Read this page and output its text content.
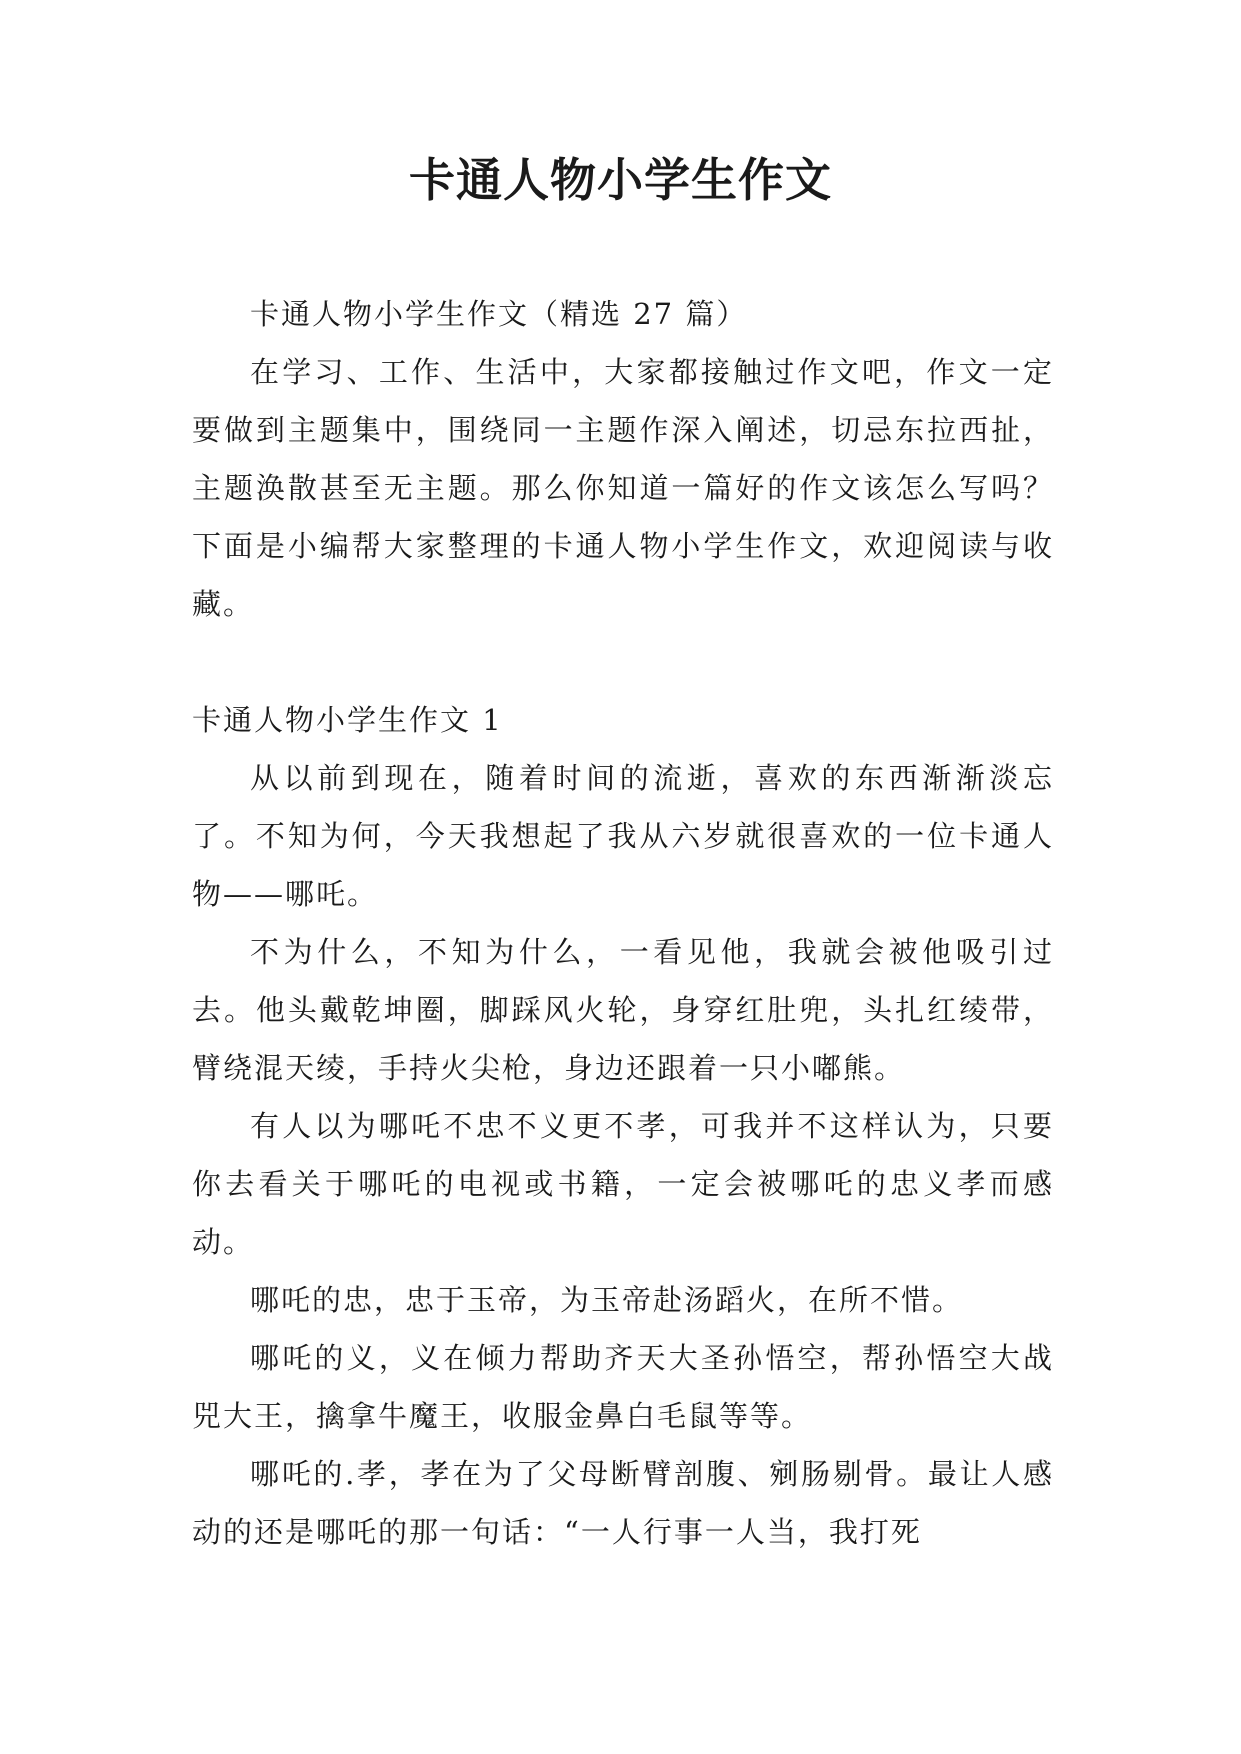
卡通人物小学生作文

卡通人物小学生作文（精选 27 篇）

在学习、工作、生活中，大家都接触过作文吧，作文一定要做到主题集中，围绕同一主题作深入阐述，切忌东拉西扯，主题涣散甚至无主题。那么你知道一篇好的作文该怎么写吗？下面是小编帮大家整理的卡通人物小学生作文，欢迎阅读与收藏。

卡通人物小学生作文 1

从以前到现在，随着时间的流逝，喜欢的东西渐渐淡忘了。不知为何，今天我想起了我从六岁就很喜欢的一位卡通人物——哪吒。

不为什么，不知为什么，一看见他，我就会被他吸引过去。他头戴乾坤圈，脚踩风火轮，身穿红肚兜，头扎红绫带，臂绕混天绫，手持火尖枪，身边还跟着一只小嘟熊。

有人以为哪吒不忠不义更不孝，可我并不这样认为，只要你去看关于哪吒的电视或书籍，一定会被哪吒的忠义孝而感动。

哪吒的忠，忠于玉帝，为玉帝赴汤蹈火，在所不惜。

哪吒的义，义在倾力帮助齐天大圣孙悟空，帮孙悟空大战兕大王，擒拿牛魔王，收服金鼻白毛鼠等等。

哪吒的.孝，孝在为了父母断臂剖腹、剜肠剔骨。最让人感动的还是哪吒的那一句话：“一人行事一人当，我打死
